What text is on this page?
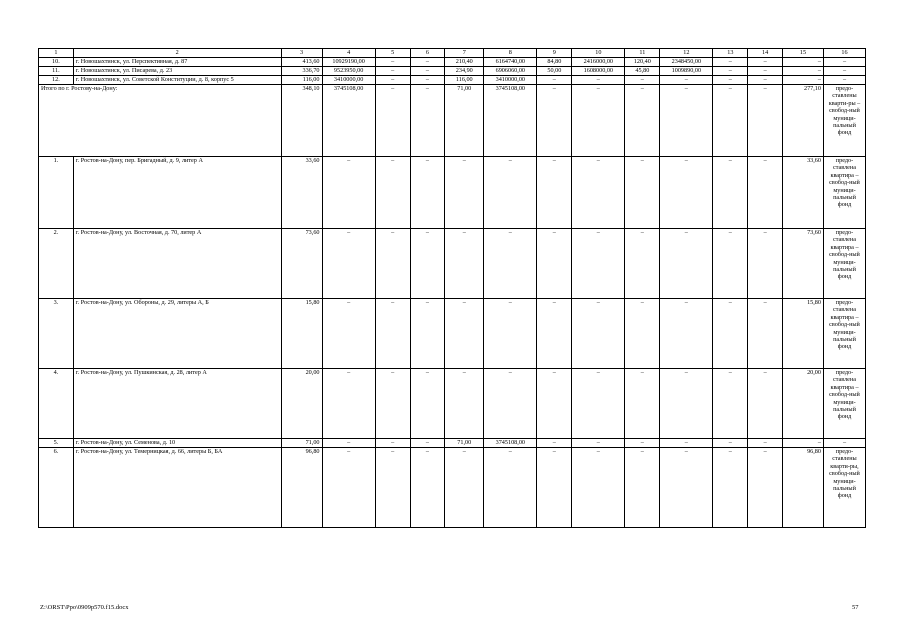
1	2	3	4	5	6	7	8	9	10	11	12	13	14	15	16
10.	г. Новошахтинск, ул. Перспективная, д. 87	413,60	10929190,00	–	–	210,40	6164740,00	84,80	2416000,00	120,40	2348450,00	–	–	–	–
11.	г. Новошахтинск, ул. Писарева, д. 23	336,70	9523950,00	–	–	234,90	6906060,00	50,00	1608000,00	45,80	1009890,00	–	–	–	–
12.	г. Новошахтинск, ул. Советской Конституции, д. 8, корпус 5	116,00	3410000,00	–	–	116,00	3410000,00	–	–	–	–	–	–	–	–
Итого по г. Ростову-на-Дону:		348,10	3745108,00	–	–	71,00	3745108,00	–	–	–	–	–	–	277,10	предо-ставлены кварти-ры – свобод-ный муници-пальный фонд
1.	г. Ростов-на-Дону, пер. Бригадный, д. 9, литер А	33,60	–	–	–	–	–	–	–	–	–	–	–	33,60	предо-ставлена квартира – свобод-ный муници-пальный фонд
2.	г. Ростов-на-Дону, ул. Восточная, д. 70, литер А	73,60	–	–	–	–	–	–	–	–	–	–	–	73,60	предо-ставлена квартира – свобод-ный муници-пальный фонд
3.	г. Ростов-на-Дону, ул. Обороны, д. 29, литеры А, Б	15,80	–	–	–	–	–	–	–	–	–	–	–	15,80	предо-ставлена квартира – свобод-ный муници-пальный фонд
4.	г. Ростов-на-Дону, ул. Пушкинская, д. 28, литер А	20,00	–	–	–	–	–	–	–	–	–	–	–	20,00	предо-ставлена квартира – свобод-ный муници-пальный фонд
5.	г. Ростов-на-Дону, ул. Семенова, д. 10	71,00	–	–	–	71,00	3745108,00	–	–	–	–	–	–	–	–
6.	г. Ростов-на-Дону, ул. Темерницкая, д. 66, литеры Б, БА	96,80	–	–	–	–	–	–	–	–	–	–	–	96,80	предо-ставлены кварти-ры, свобод-ный муници-пальный фонд
Z:\ORST\Ppo\0909p570.f15.docx	57
